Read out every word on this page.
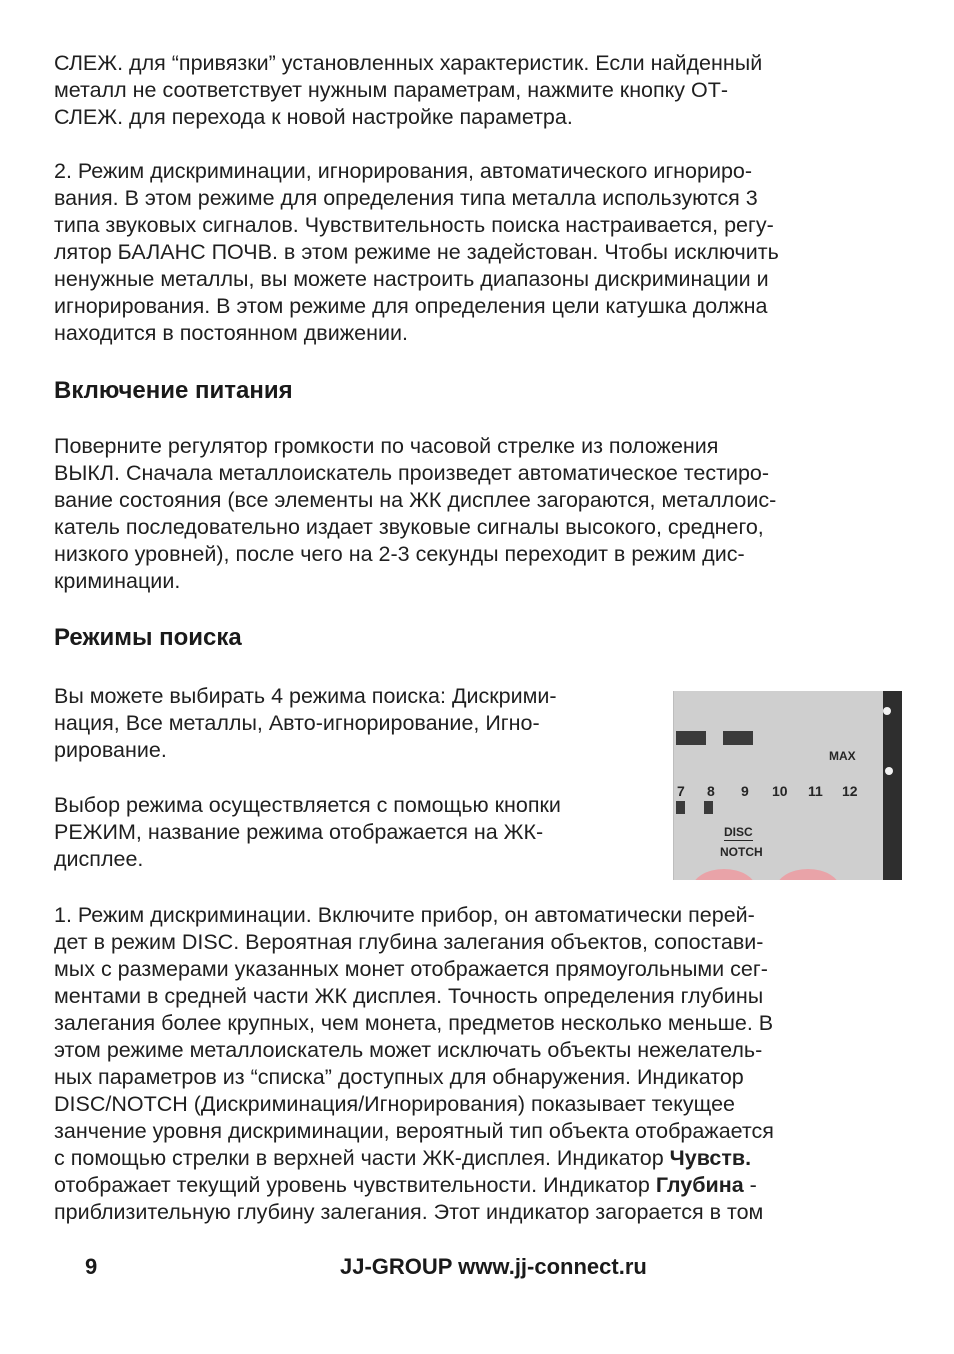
СЛЕЖ. для “привязки” установленных характеристик. Если найденный
металл не соответствует нужным параметрам, нажмите кнопку ОТ-
СЛЕЖ. для перехода к новой настройке параметра.

2. Режим дискриминации, игнорирования, автоматического игнориро-
вания. В этом режиме для определения типа металла используются 3
типа звуковых сигналов. Чувствительность поиска настраивается, регу-
лятор БАЛАНС ПОЧВ. в этом режиме не задейстован. Чтобы исключить
ненужные металлы, вы можете настроить диапазоны дискриминации и
игнорирования. В этом режиме для определения цели катушка должна
находится в постоянном движении.

Включение питания

Поверните регулятор громкости по часовой стрелке из положения
ВЫКЛ. Сначала металлоискатель произведет автоматическое тестиро-
вание состояния (все элементы на ЖК дисплее загораются, металлоис-
катель последовательно издает звуковые сигналы высокого, среднего,
низкого уровней), после чего на 2-3 секунды переходит в режим дис-
криминации.

Режимы поиска

Вы можете выбирать 4 режима поиска: Дискрими-
нация, Все металлы, Авто-игнорирование, Игно-
рирование.

Выбор режима осуществляется с помощью кнопки
РЕЖИМ, название режима отображается на ЖК-
дисплее.

MAX
7 8 9 10 11 12
DISC
NOTCH

1. Режим дискриминации. Включите прибор, он автоматически перей-
дет в режим DISC. Вероятная глубина залегания объектов, сопостави-
мых с размерами указанных монет отображается прямоугольными сег-
ментами в средней части ЖК дисплея. Точность определения глубины
залегания более крупных, чем монета, предметов несколько меньше. В
этом режиме металлоискатель может исключать объекты нежелатель-
ных параметров из “списка” доступных для обнаружения. Индикатор
DISC/NOTCH (Дискриминация/Игнорирования) показывает текущее
занчение уровня дискриминации, вероятный тип объекта отображается
с помощью стрелки в верхней части ЖК-дисплея. Индикатор Чувств.
отображает текущий уровень чувствительности. Индикатор Глубина -
приблизительную глубину залегания. Этот индикатор загорается в том

9	JJ-GROUP www.jj-connect.ru
